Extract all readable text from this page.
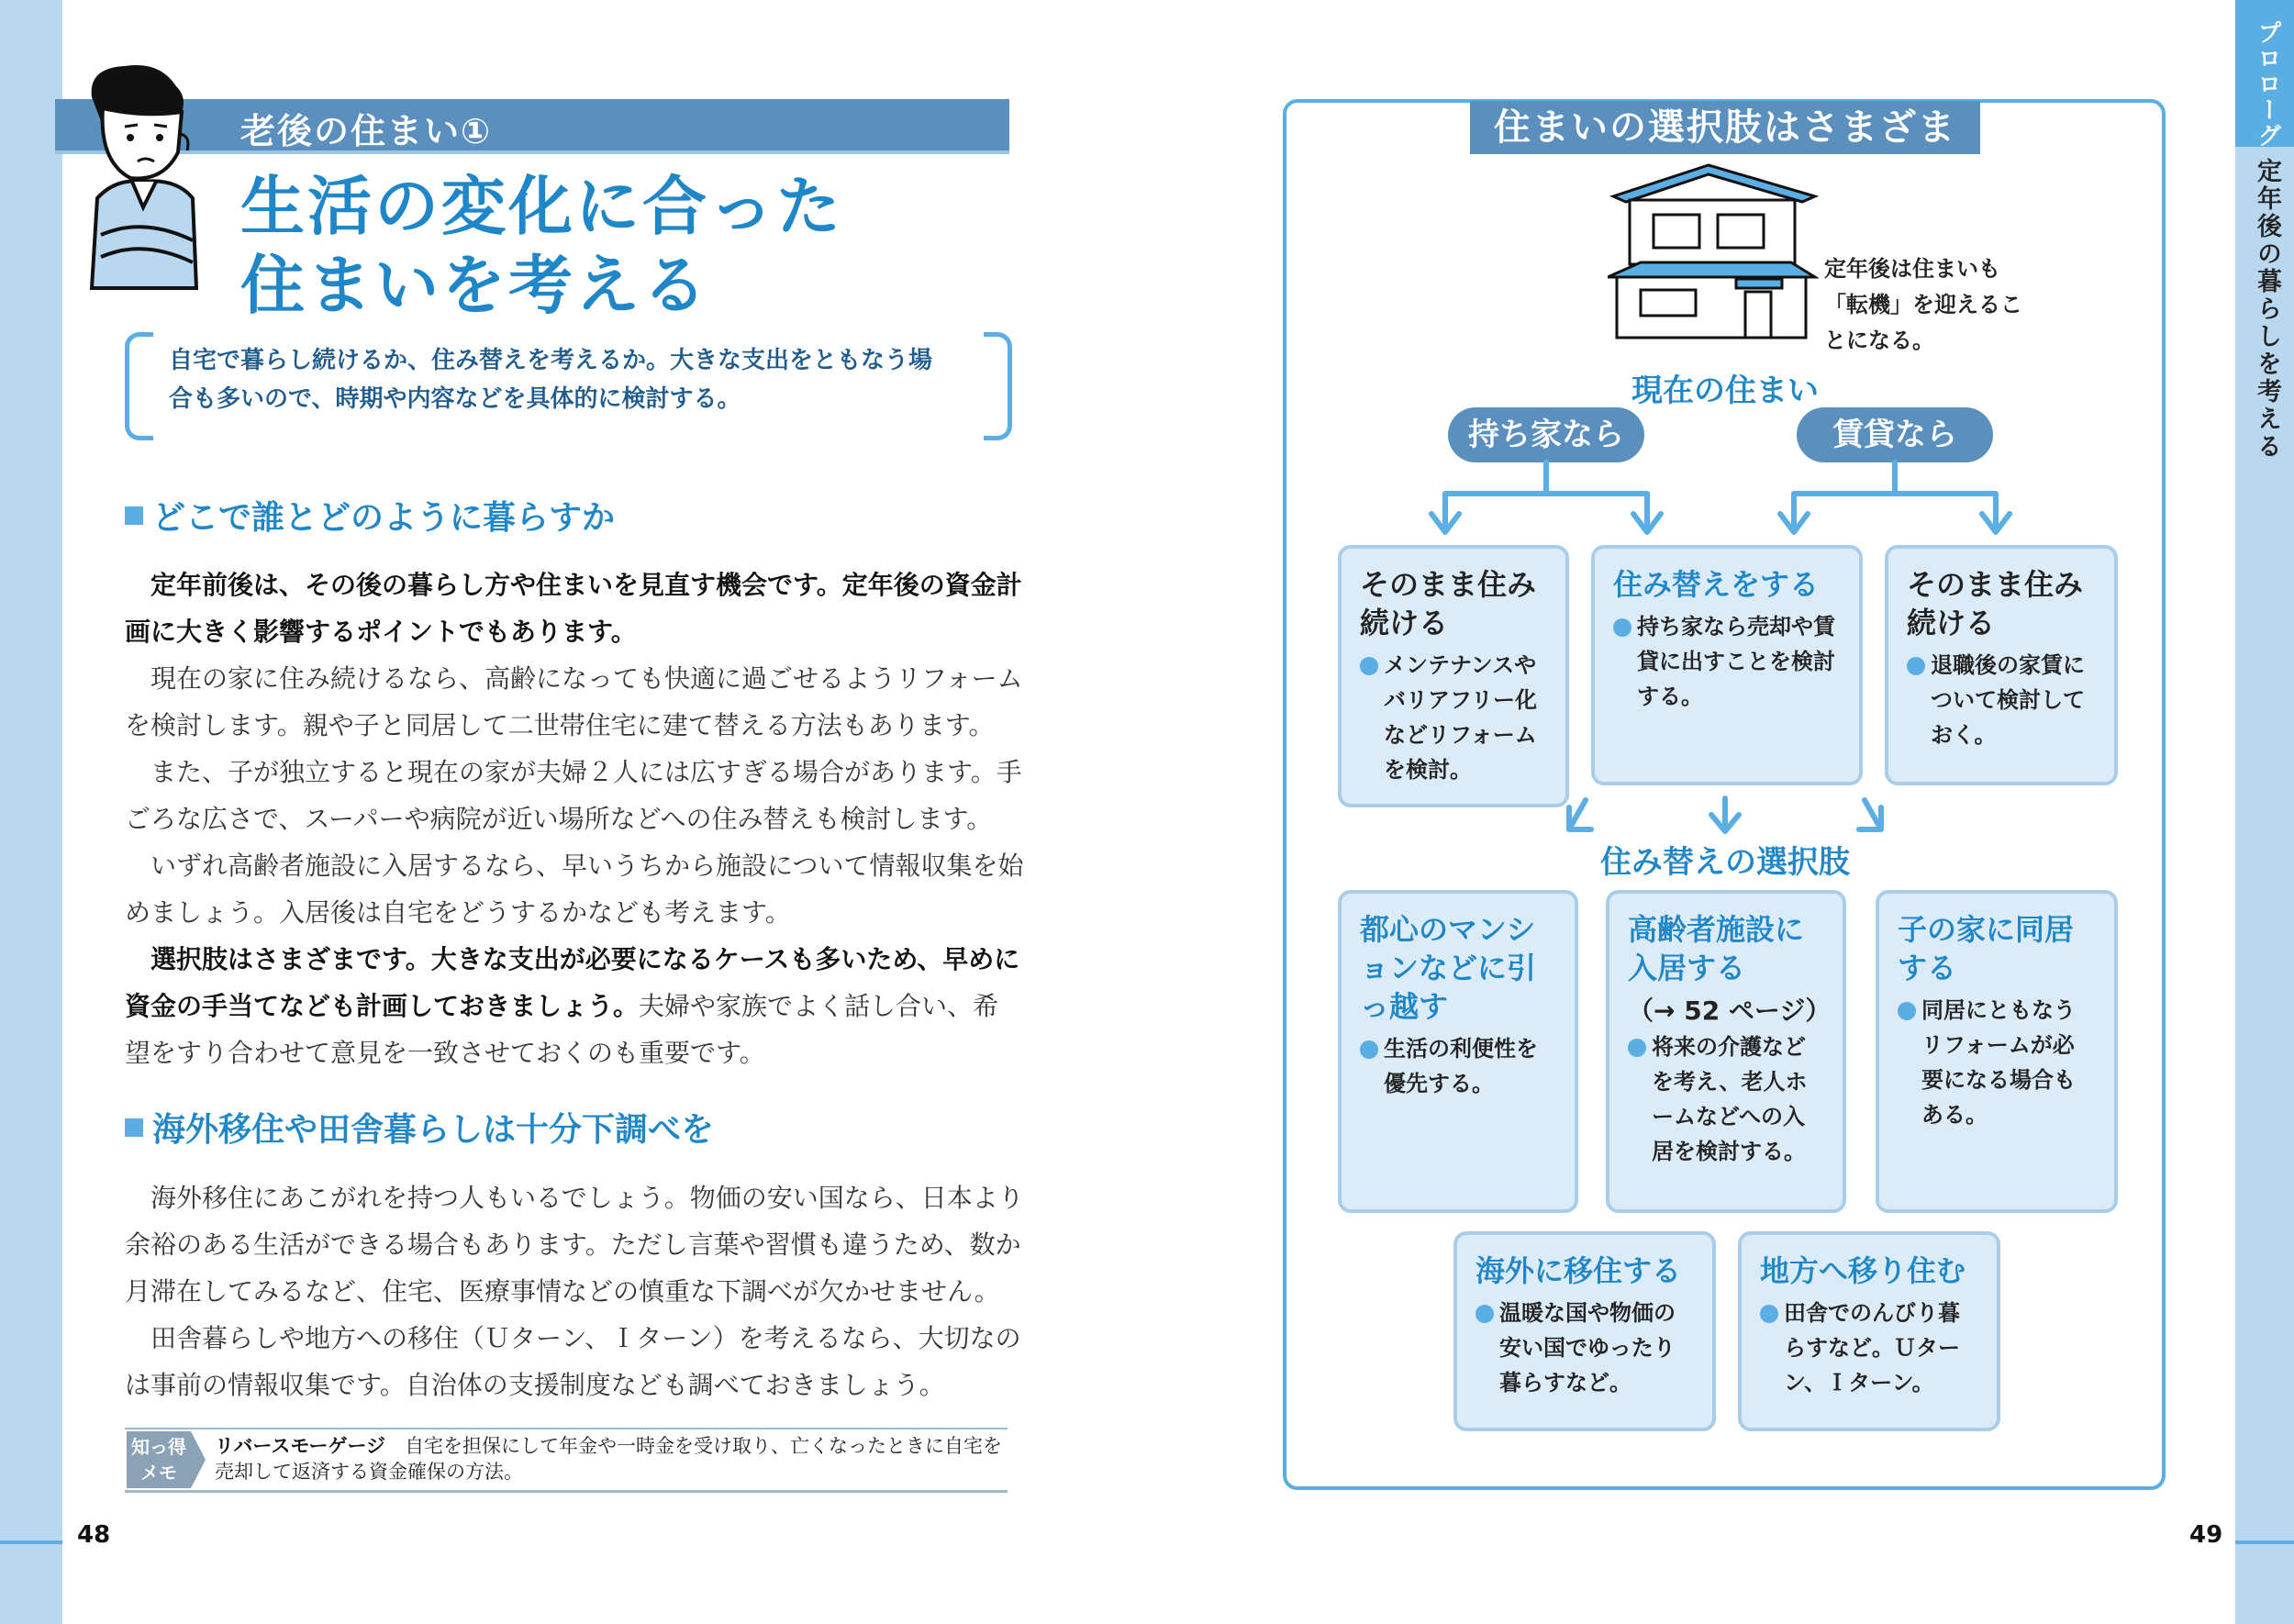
プロローグ
定年後の暮らしを考える
48	49
老後の住まい①
生活の変化に合った
住まいを考える
自宅で暮らし続けるか、住み替えを考えるか。大きな支出をともなう場
合も多いので、時期や内容などを具体的に検討する。
どこで誰とどのように暮らすか

定年前後は、その後の暮らし方や住まいを見直す機会です。定年後の資金計画に大きく影響するポイントでもあります。

現在の家に住み続けるなら、高齢になっても快適に過ごせるようリフォームを検討します。親や子と同居して二世帯住宅に建て替える方法もあります。

また、子が独立すると現在の家が夫婦２人には広すぎる場合があります。手ごろな広さで、スーパーや病院が近い場所などへの住み替えも検討します。

いずれ高齢者施設に入居するなら、早いうちから施設について情報収集を始めましょう。入居後は自宅をどうするかなども考えます。

選択肢はさまざまです。大きな支出が必要になるケースも多いため、早めに資金の手当てなども計画しておきましょう。夫婦や家族でよく話し合い、希望をすり合わせて意見を一致させておくのも重要です。

海外移住や田舎暮らしは十分下調べを

海外移住にあこがれを持つ人もいるでしょう。物価の安い国なら、日本より余裕のある生活ができる場合もあります。ただし言葉や習慣も違うため、数か月滞在してみるなど、住宅、医療事情などの慎重な下調べが欠かせません。

田舎暮らしや地方への移住（Ｕターン、Ｉターン）を考えるなら、大切なのは事前の情報収集です。自治体の支援制度なども調べておきましょう。

知っ得
メモ
リバースモーゲージ　 自宅を担保にして年金や一時金を受け取り、亡くなったときに自宅を売却して返済する資金確保の方法。
住まいの選択肢はさまざま
定年後は住まいも「転機」を迎えることになる。
現在の住まい
持ち家なら	賃貸なら
そのまま住み続ける
メンテナンスやバリアフリー化などリフォームを検討。
住み替えをする
持ち家なら売却や賃貸に出すことを検討する。
そのまま住み続ける
退職後の家賃について検討しておく。
住み替えの選択肢
都心のマンションなどに引っ越す
生活の利便性を優先する。
高齢者施設に入居する
（→ 52 ページ）
将来の介護などを考え、老人ホームなどへの入居を検討する。
子の家に同居する
同居にともなうリフォームが必要になる場合もある。
海外に移住する
温暖な国や物価の安い国でゆったり暮らすなど。
地方へ移り住む
田舎でのんびり暮らすなど。Ｕターン、Ｉターン。
